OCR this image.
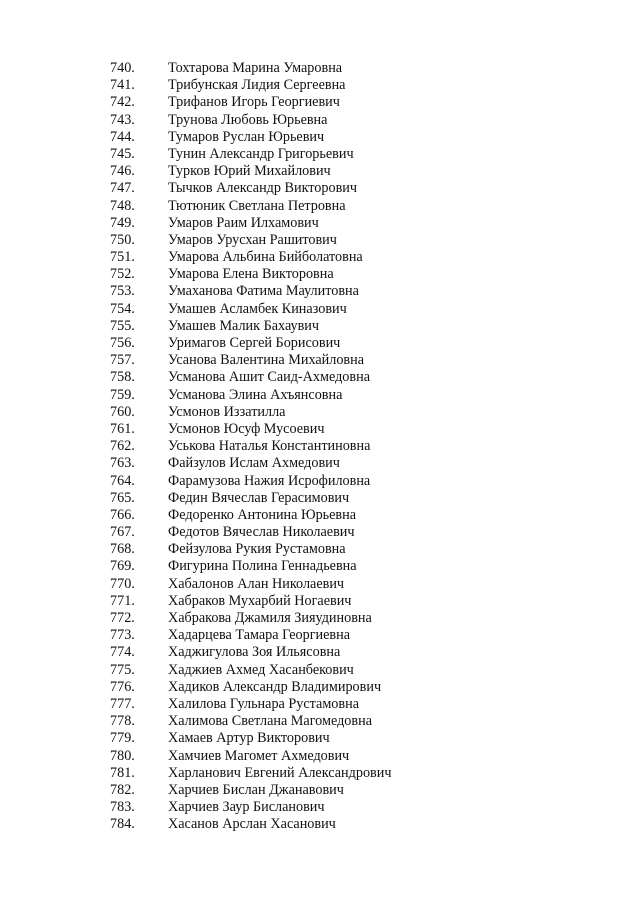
740.	Тохтарова Марина Умаровна
741.	Трибунская Лидия Сергеевна
742.	Трифанов Игорь Георгиевич
743.	Трунова Любовь Юрьевна
744.	Тумаров Руслан Юрьевич
745.	Тунин Александр Григорьевич
746.	Турков Юрий Михайлович
747.	Тычков Александр Викторович
748.	Тютюник Светлана Петровна
749.	Умаров Раим Илхамович
750.	Умаров Урусхан Рашитович
751.	Умарова Альбина Бийболатовна
752.	Умарова Елена Викторовна
753.	Умаханова Фатима Маулитовна
754.	Умашев Асламбек Киназович
755.	Умашев Малик Бахаувич
756.	Уримагов Сергей Борисович
757.	Усанова Валентина Михайловна
758.	Усманова Ашит Саид-Ахмедовна
759.	Усманова Элина Ахъянсовна
760.	Усмонов Иззатилла
761.	Усмонов Юсуф Мусоевич
762.	Уськова Наталья Константиновна
763.	Файзулов Ислам Ахмедович
764.	Фарамузова Нажия Исрофиловна
765.	Федин Вячеслав Герасимович
766.	Федоренко Антонина Юрьевна
767.	Федотов Вячеслав Николаевич
768.	Фейзулова Рукия Рустамовна
769.	Фигурина Полина Геннадьевна
770.	Хабалонов Алан Николаевич
771.	Хабраков Мухарбий Ногаевич
772.	Хабракова Джамиля Зияудиновна
773.	Хадарцева Тамара Георгиевна
774.	Хаджигулова Зоя Ильясовна
775.	Хаджиев Ахмед Хасанбекович
776.	Хадиков Александр Владимирович
777.	Халилова Гульнара Рустамовна
778.	Халимова Светлана Магомедовна
779.	Хамаев Артур Викторович
780.	Хамчиев Магомет Ахмедович
781.	Харланович Евгений Александрович
782.	Харчиев Бислан Джанавович
783.	Харчиев Заур Бисланович
784.	Хасанов Арслан Хасанович
